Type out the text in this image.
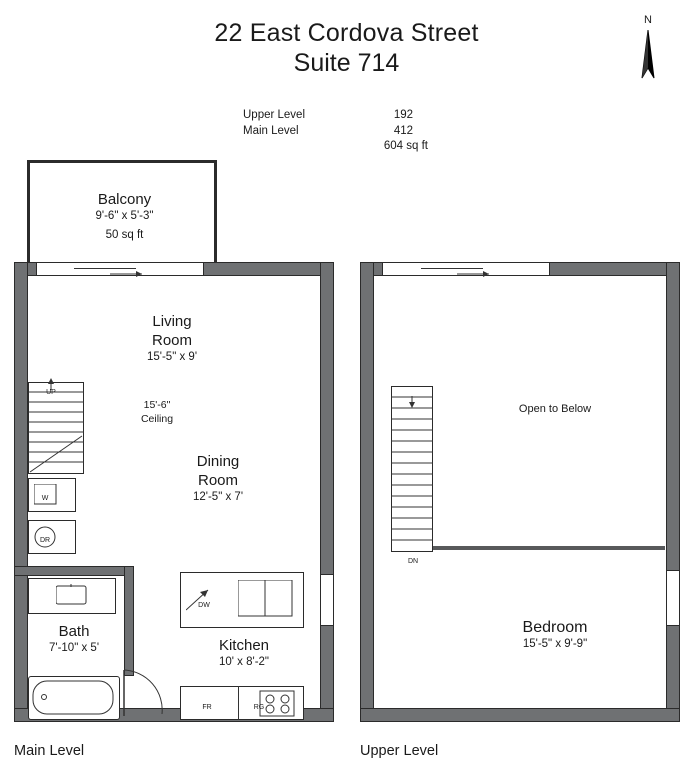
22 East Cordova Street
Suite 714
N
Upper Level	192
Main Level	412
604 sq ft
Balcony
9'-6" x 5'-3"
50 sq ft
UP
Living
Room
15'-5" x 9'
15'-6"
Ceiling
Dining
Room
12'-5" x 7'
W
DR
Bath
7'-10" x 5'
DW
RG
FR
Kitchen
10' x 8'-2"
Main Level
DN
Open to Below
Bedroom
15'-5" x 9'-9"
Upper Level
